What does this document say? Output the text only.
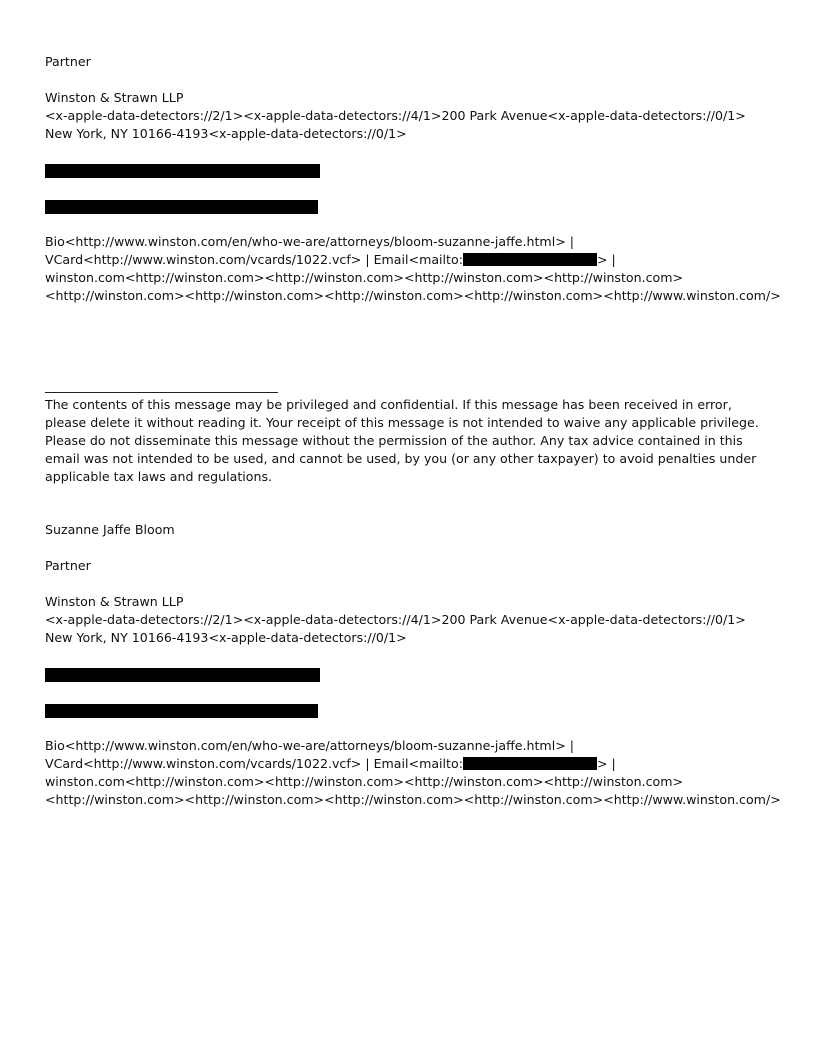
Partner
Winston & Strawn LLP
<x-apple-data-detectors://2/1><x-apple-data-detectors://4/1>200 Park Avenue<x-apple-data-detectors://0/1>
New York, NY 10166-4193<x-apple-data-detectors://0/1>
Bio<http://www.winston.com/en/who-we-are/attorneys/bloom-suzanne-jaffe.html> |
VCard<http://www.winston.com/vcards/1022.vcf> | Email<mailto:	> |
winston.com<http://winston.com><http://winston.com><http://winston.com><http://winston.com>
<http://winston.com><http://winston.com><http://winston.com><http://winston.com><http://www.winston.com/>
The contents of this message may be privileged and confidential. If this message has been received in error, please delete it without reading it. Your receipt of this message is not intended to waive any applicable privilege. Please do not disseminate this message without the permission of the author. Any tax advice contained in this email was not intended to be used, and cannot be used, by you (or any other taxpayer) to avoid penalties under applicable tax laws and regulations.
Suzanne Jaffe Bloom
Partner
Winston & Strawn LLP
<x-apple-data-detectors://2/1><x-apple-data-detectors://4/1>200 Park Avenue<x-apple-data-detectors://0/1>
New York, NY 10166-4193<x-apple-data-detectors://0/1>
Bio<http://www.winston.com/en/who-we-are/attorneys/bloom-suzanne-jaffe.html> |
VCard<http://www.winston.com/vcards/1022.vcf> | Email<mailto:	> |
winston.com<http://winston.com><http://winston.com><http://winston.com><http://winston.com>
<http://winston.com><http://winston.com><http://winston.com><http://winston.com><http://www.winston.com/>
